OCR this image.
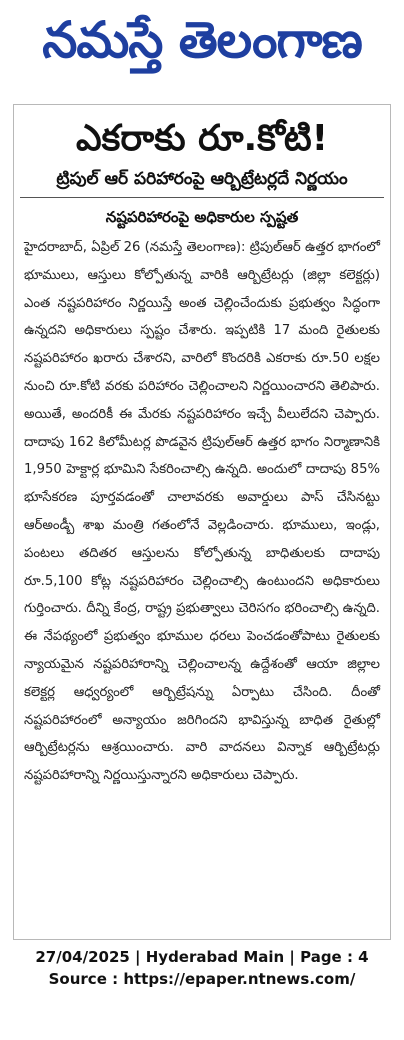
నమస్తే తెలంగాణ
ఎకరాకు రూ.కోటి!
ట్రిపుల్ ఆర్ పరిహారంపై ఆర్బిట్రేటర్లదే నిర్ణయం
నష్టపరిహారంపై అధికారుల స్పష్టత
హైదరాబాద్, ఏప్రిల్ 26 (నమస్తే తెలంగాణ): ట్రిపుల్ఆర్ ఉత్తర భాగంలో భూములు, ఆస్తులు కోల్పోతున్న వారికి ఆర్బిట్రేటర్లు (జిల్లా కలెక్టర్లు) ఎంత నష్టపరిహారం నిర్ణయిస్తే అంత చెల్లించేందుకు ప్రభుత్వం సిద్ధంగా ఉన్నదని అధికారులు స్పష్టం చేశారు. ఇప్పటికి 17 మంది రైతులకు నష్టపరిహారం ఖరారు చేశారని, వారిలో కొందరికి ఎకరాకు రూ.50 లక్షల నుంచి రూ.కోటి వరకు పరిహారం చెల్లించాలని నిర్ణయించారని తెలిపారు. అయితే, అందరికీ ఈ మేరకు నష్టపరిహారం ఇచ్చే వీలులేదని చెప్పారు. దాదాపు 162 కిలోమీటర్ల పొడవైన ట్రిపుల్ఆర్ ఉత్తర భాగం నిర్మాణానికి 1,950 హెక్టార్ల భూమిని సేకరించాల్సి ఉన్నది. అందులో దాదాపు 85% భూసేకరణ పూర్తవడంతో చాలావరకు అవార్డులు పాస్ చేసినట్టు ఆర్అండ్బీ శాఖ మంత్రి గతంలోనే వెల్లడించారు. భూములు, ఇండ్లు, పంటలు తదితర ఆస్తులను కోల్పోతున్న బాధితులకు దాదాపు రూ.5,100 కోట్ల నష్టపరిహారం చెల్లించాల్సి ఉంటుందని అధికారులు గుర్తించారు. దీన్ని కేంద్ర, రాష్ట్ర ప్రభుత్వాలు చెరిసగం భరించాల్సి ఉన్నది. ఈ నేపథ్యంలో ప్రభుత్వం భూముల ధరలు పెంచడంతోపాటు రైతులకు న్యాయమైన నష్టపరిహారాన్ని చెల్లించాలన్న ఉద్దేశంతో ఆయా జిల్లాల కలెక్టర్ల ఆధ్వర్యంలో ఆర్బిట్రేషన్ను ఏర్పాటు చేసింది. దీంతో నష్టపరిహారంలో అన్యాయం జరిగిందని భావిస్తున్న బాధిత రైతుల్లో ఆర్బిట్రేటర్లను ఆశ్రయించారు. వారి వాదనలు విన్నాక ఆర్బిట్రేటర్లు నష్టపరిహారాన్ని నిర్ణయిస్తున్నారని అధికారులు చెప్పారు.
27/04/2025 | Hyderabad Main | Page : 4
Source : https://epaper.ntnews.com/
